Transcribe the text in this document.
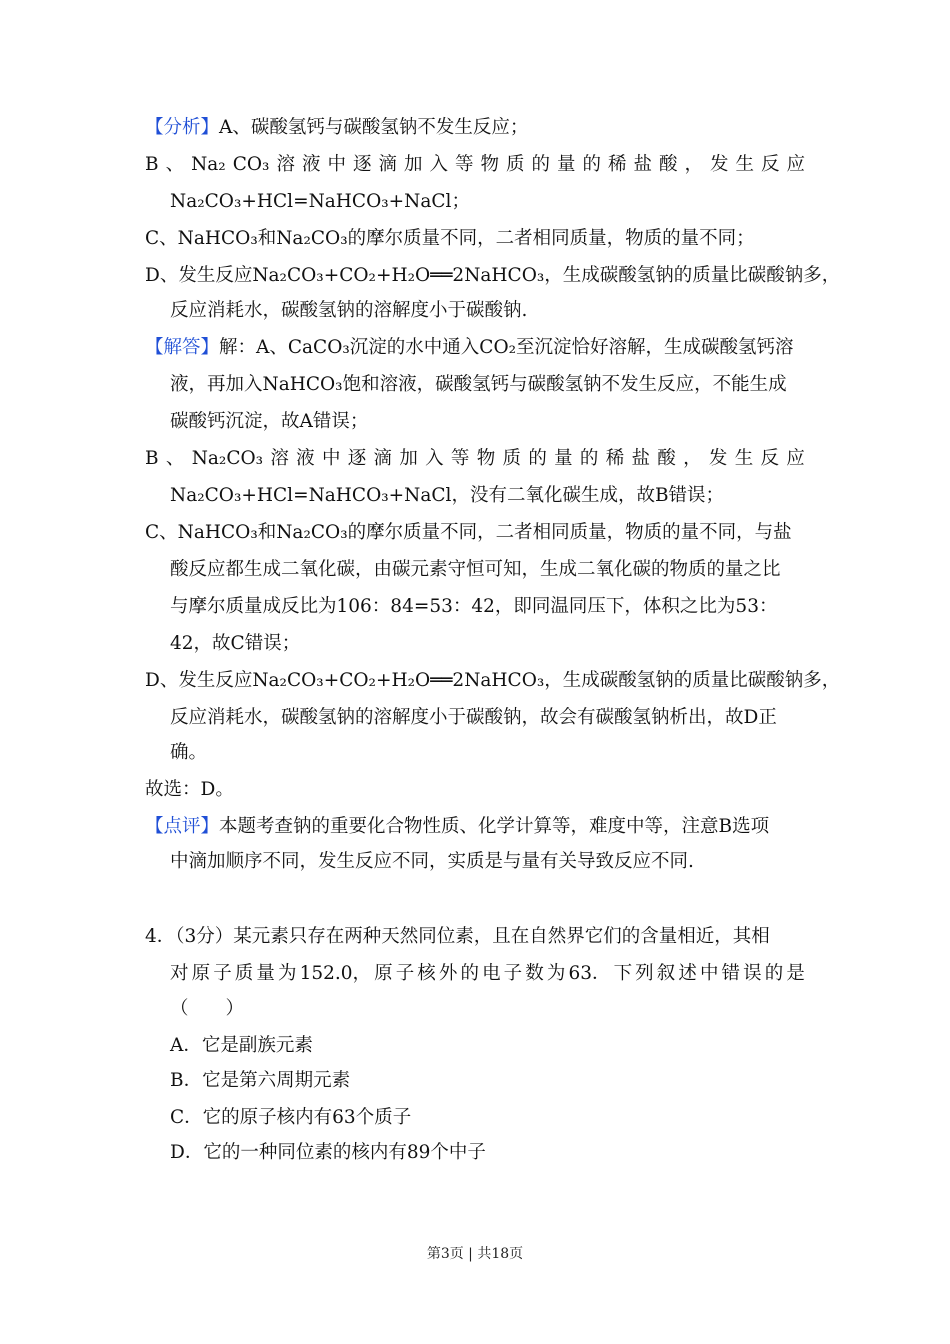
【分析】A、碳酸氢钙与碳酸氢钠不发生反应；
B 、 Na₂ CO₃ 溶 液 中 逐 滴 加 入 等 物 质 的 量 的 稀 盐 酸 ， 发 生 反 应
Na₂CO₃+HCl=NaHCO₃+NaCl；
C、NaHCO₃和Na₂CO₃的摩尔质量不同，二者相同质量，物质的量不同；
D、发生反应Na₂CO₃+CO₂+H₂O══2NaHCO₃，生成碳酸氢钠的质量比碳酸钠多，
反应消耗水，碳酸氢钠的溶解度小于碳酸钠.
【解答】解：A、CaCO₃沉淀的水中通入CO₂至沉淀恰好溶解，生成碳酸氢钙溶
液，再加入NaHCO₃饱和溶液，碳酸氢钙与碳酸氢钠不发生反应，不能生成
碳酸钙沉淀，故A错误；
B 、 Na₂CO₃ 溶 液 中 逐 滴 加 入 等 物 质 的 量 的 稀 盐 酸 ， 发 生 反 应
Na₂CO₃+HCl=NaHCO₃+NaCl，没有二氧化碳生成，故B错误；
C、NaHCO₃和Na₂CO₃的摩尔质量不同，二者相同质量，物质的量不同，与盐
酸反应都生成二氧化碳，由碳元素守恒可知，生成二氧化碳的物质的量之比
与摩尔质量成反比为106：84=53：42，即同温同压下，体积之比为53：
42，故C错误；
D、发生反应Na₂CO₃+CO₂+H₂O══2NaHCO₃，生成碳酸氢钠的质量比碳酸钠多，
反应消耗水，碳酸氢钠的溶解度小于碳酸钠，故会有碳酸氢钠析出，故D正
确。
故选：D。
【点评】本题考查钠的重要化合物性质、化学计算等，难度中等，注意B选项
中滴加顺序不同，发生反应不同，实质是与量有关导致反应不同.
4．（3分）某元素只存在两种天然同位素，且在自然界它们的含量相近，其相
对 原 子 质 量 为 152.0， 原 子 核 外 的 电 子 数 为 63． 下 列 叙 述 中 错 误 的 是
（　　）
A．它是副族元素
B．它是第六周期元素
C．它的原子核内有63个质子
D．它的一种同位素的核内有89个中子
第3页 | 共18页
